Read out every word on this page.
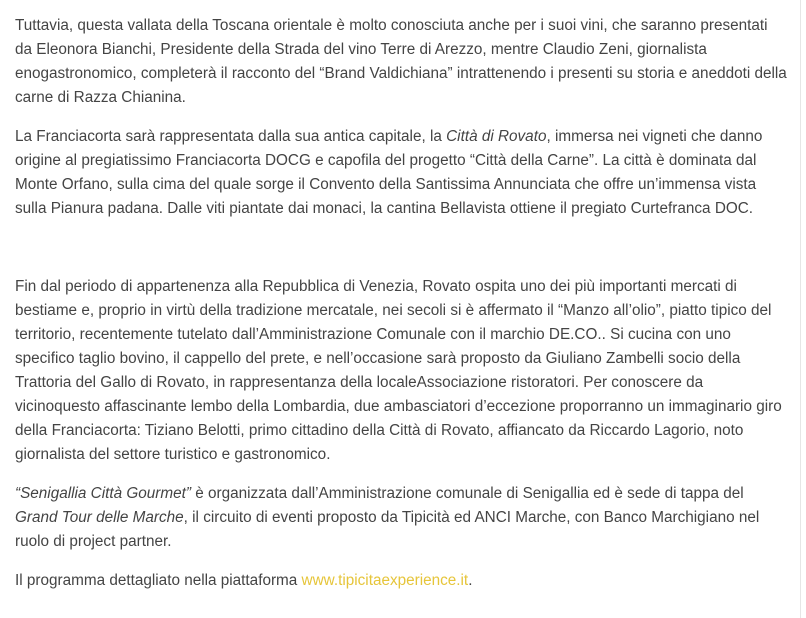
Tuttavia, questa vallata della Toscana orientale è molto conosciuta anche per i suoi vini, che saranno presentati da Eleonora Bianchi, Presidente della Strada del vino Terre di Arezzo, mentre Claudio Zeni, giornalista enogastronomico, completerà il racconto del “Brand Valdichiana” intrattenendo i presenti su storia e aneddoti della carne di Razza Chianina.

La Franciacorta sarà rappresentata dalla sua antica capitale, la Città di Rovato, immersa nei vigneti che danno origine al pregiatissimo Franciacorta DOCG e capofila del progetto “Città della Carne”. La città è dominata dal Monte Orfano, sulla cima del quale sorge il Convento della Santissima Annunciata che offre un’immensa vista sulla Pianura padana. Dalle viti piantate dai monaci, la cantina Bellavista ottiene il pregiato Curtefranca DOC.

Fin dal periodo di appartenenza alla Repubblica di Venezia, Rovato ospita uno dei più importanti mercati di bestiame e, proprio in virtù della tradizione mercatale, nei secoli si è affermato il “Manzo all’olio”, piatto tipico del territorio, recentemente tutelato dall’Amministrazione Comunale con il marchio DE.CO.. Si cucina con uno specifico taglio bovino, il cappello del prete, e nell’occasione sarà proposto da Giuliano Zambelli socio della Trattoria del Gallo di Rovato, in rappresentanza della localeAssociazione ristoratori. Per conoscere da vicinoquesto affascinante lembo della Lombardia, due ambasciatori d’eccezione proporranno un immaginario giro della Franciacorta: Tiziano Belotti, primo cittadino della Città di Rovato, affiancato da Riccardo Lagorio, noto giornalista del settore turistico e gastronomico.

“Senigallia Città Gourmet” è organizzata dall’Amministrazione comunale di Senigallia ed è sede di tappa del Grand Tour delle Marche, il circuito di eventi proposto da Tipicità ed ANCI Marche, con Banco Marchigiano nel ruolo di project partner.

Il programma dettagliato nella piattaforma www.tipicitaexperience.it.
